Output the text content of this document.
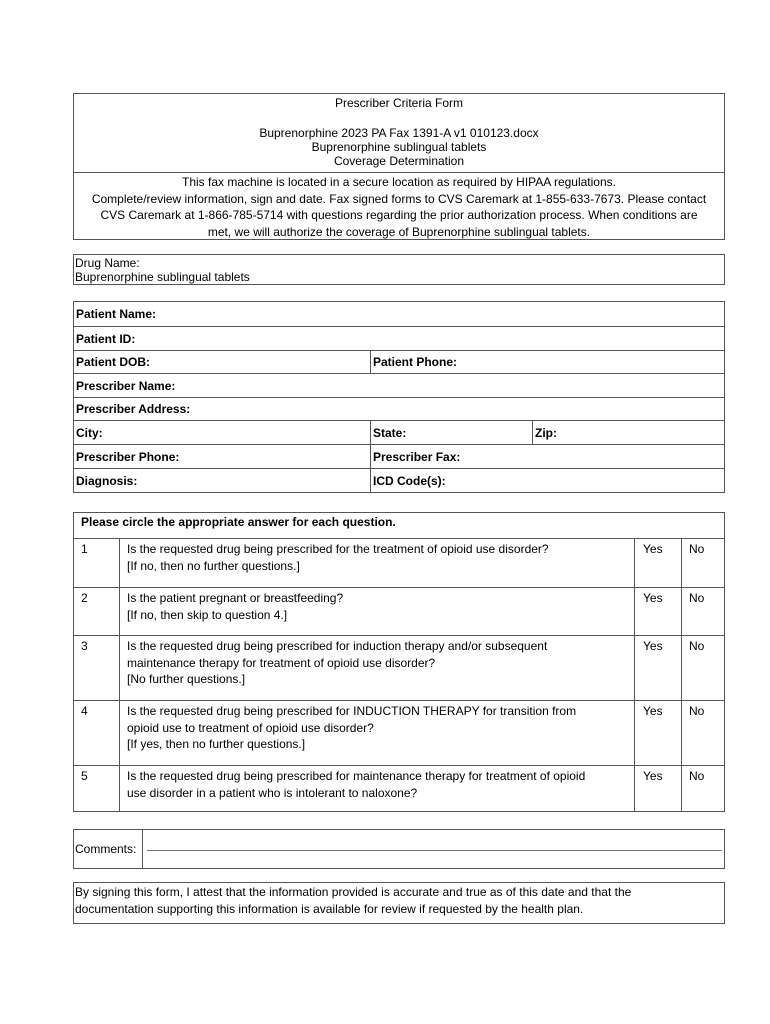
Prescriber Criteria Form
Buprenorphine 2023 PA Fax 1391-A v1 010123.docx
Buprenorphine sublingual tablets
Coverage Determination
This fax machine is located in a secure location as required by HIPAA regulations.
Complete/review information, sign and date. Fax signed forms to CVS Caremark at 1-855-633-7673. Please contact
CVS Caremark at 1-866-785-5714 with questions regarding the prior authorization process. When conditions are
met, we will authorize the coverage of Buprenorphine sublingual tablets.
Drug Name:
Buprenorphine sublingual tablets
Patient Name:
Patient ID:
Patient DOB:	Patient Phone:
Prescriber Name:
Prescriber Address:
City:	State:	Zip:
Prescriber Phone:	Prescriber Fax:
Diagnosis:	ICD Code(s):
Please circle the appropriate answer for each question.
1	Is the requested drug being prescribed for the treatment of opioid use disorder?
[If no, then no further questions.]
Yes	No
2	Is the patient pregnant or breastfeeding?
[If no, then skip to question 4.]
Yes	No
3	Is the requested drug being prescribed for induction therapy and/or subsequent
maintenance therapy for treatment of opioid use disorder?
[No further questions.]
Yes	No
4	Is the requested drug being prescribed for INDUCTION THERAPY for transition from
opioid use to treatment of opioid use disorder?
[If yes, then no further questions.]
Yes	No
5	Is the requested drug being prescribed for maintenance therapy for treatment of opioid
use disorder in a patient who is intolerant to naloxone?
Yes	No
Comments:
By signing this form, I attest that the information provided is accurate and true as of this date and that the
documentation supporting this information is available for review if requested by the health plan.
